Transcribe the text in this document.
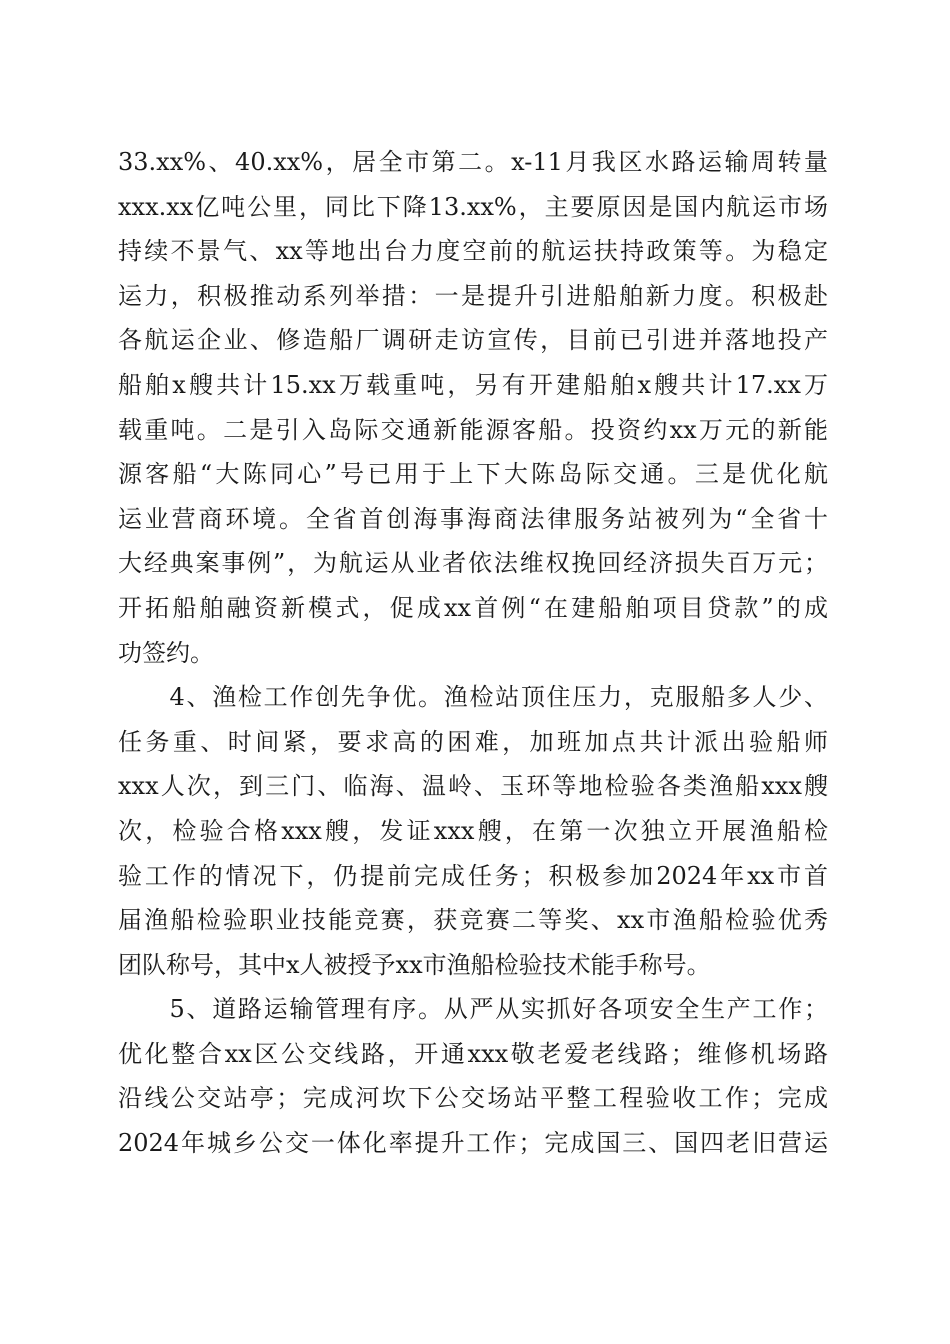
33.xx%、40.xx%，居全市第二。x-11月我区水路运输周转量
xxx.xx亿吨公里，同比下降13.xx%，主要原因是国内航运市场
持续不景气、xx等地出台力度空前的航运扶持政策等。为稳定
运力，积极推动系列举措：一是提升引进船舶新力度。积极赴
各航运企业、修造船厂调研走访宣传，目前已引进并落地投产
船舶x艘共计15.xx万载重吨，另有开建船舶x艘共计17.xx万
载重吨。二是引入岛际交通新能源客船。投资约xx万元的新能
源客船“大陈同心”号已用于上下大陈岛际交通。三是优化航
运业营商环境。全省首创海事海商法律服务站被列为“全省十
大经典案事例”，为航运从业者依法维权挽回经济损失百万元；
开拓船舶融资新模式，促成xx首例“在建船舶项目贷款”的成
功签约。
　　4、渔检工作创先争优。渔检站顶住压力，克服船多人少、
任务重、时间紧，要求高的困难，加班加点共计派出验船师
xxx人次，到三门、临海、温岭、玉环等地检验各类渔船xxx艘
次，检验合格xxx艘，发证xxx艘，在第一次独立开展渔船检
验工作的情况下，仍提前完成任务；积极参加2024年xx市首
届渔船检验职业技能竞赛，获竞赛二等奖、xx市渔船检验优秀
团队称号，其中x人被授予xx市渔船检验技术能手称号。
　　5、道路运输管理有序。从严从实抓好各项安全生产工作；
优化整合xx区公交线路，开通xxx敬老爱老线路；维修机场路
沿线公交站亭；完成河坎下公交场站平整工程验收工作；完成
2024年城乡公交一体化率提升工作；完成国三、国四老旧营运
